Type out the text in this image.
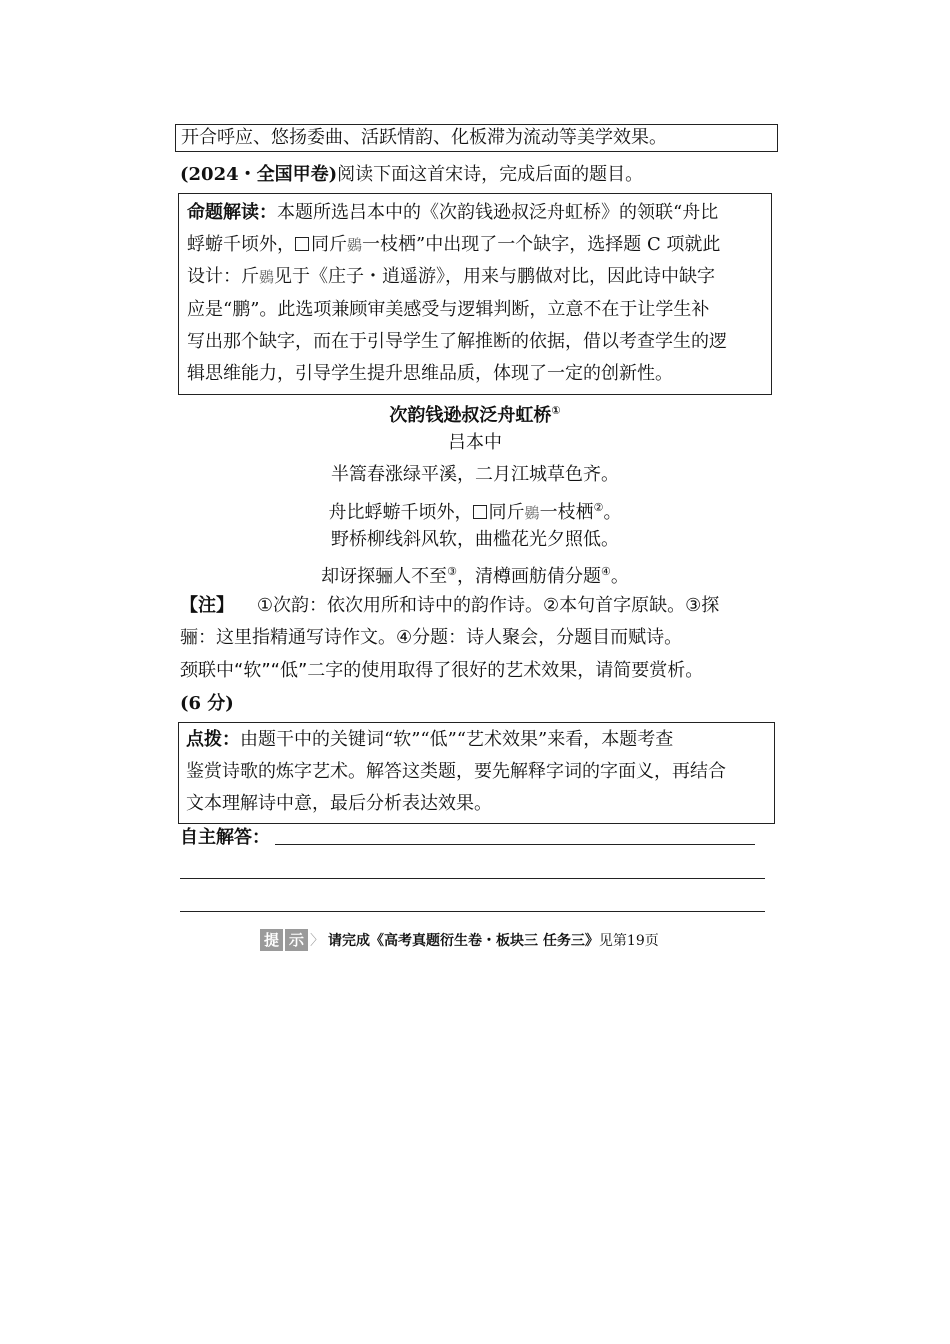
开合呼应、悠扬委曲、活跃情韵、化板滞为流动等美学效果。
(2024・全国甲卷)阅读下面这首宋诗，完成后面的题目。
命题解读：本题所选吕本中的《次韵钱逊叔泛舟虹桥》的领联“舟比
蜉蝣千顷外， 同斤鷃一枝栖”中出现了一个缺字，选择题 C 项就此
设计：斤鷃见于《庄子・逍遥游》，用来与鹏做对比，因此诗中缺字
应是“鹏”。此选项兼顾审美感受与逻辑判断，立意不在于让学生补
写出那个缺字，而在于引导学生了解推断的依据，借以考查学生的逻
辑思维能力，引导学生提升思维品质，体现了一定的创新性。
次韵钱逊叔泛舟虹桥①
吕本中
半篙春涨绿平溪，二月江城草色齐。
舟比蜉蝣千顷外， 同斤鷃一枝栖②。
野桥柳线斜风软，曲槛花光夕照低。
却讶探骊人不至③，清樽画舫倩分题④。
【注】 ①次韵：依次用所和诗中的韵作诗。②本句首字原缺。③探
骊：这里指精通写诗作文。④分题：诗人聚会，分题目而赋诗。
颈联中“软”“低”二字的使用取得了很好的艺术效果，请简要赏析。
(6 分)
点拨：由题干中的关键词“软”“低”“艺术效果”来看，本题考查
鉴赏诗歌的炼字艺术。解答这类题，要先解释字词的字面义，再结合
文本理解诗中意，最后分析表达效果。
自主解答：
提 示 〉 请完成《高考真题衍生卷・板块三 任务三》见第19页
